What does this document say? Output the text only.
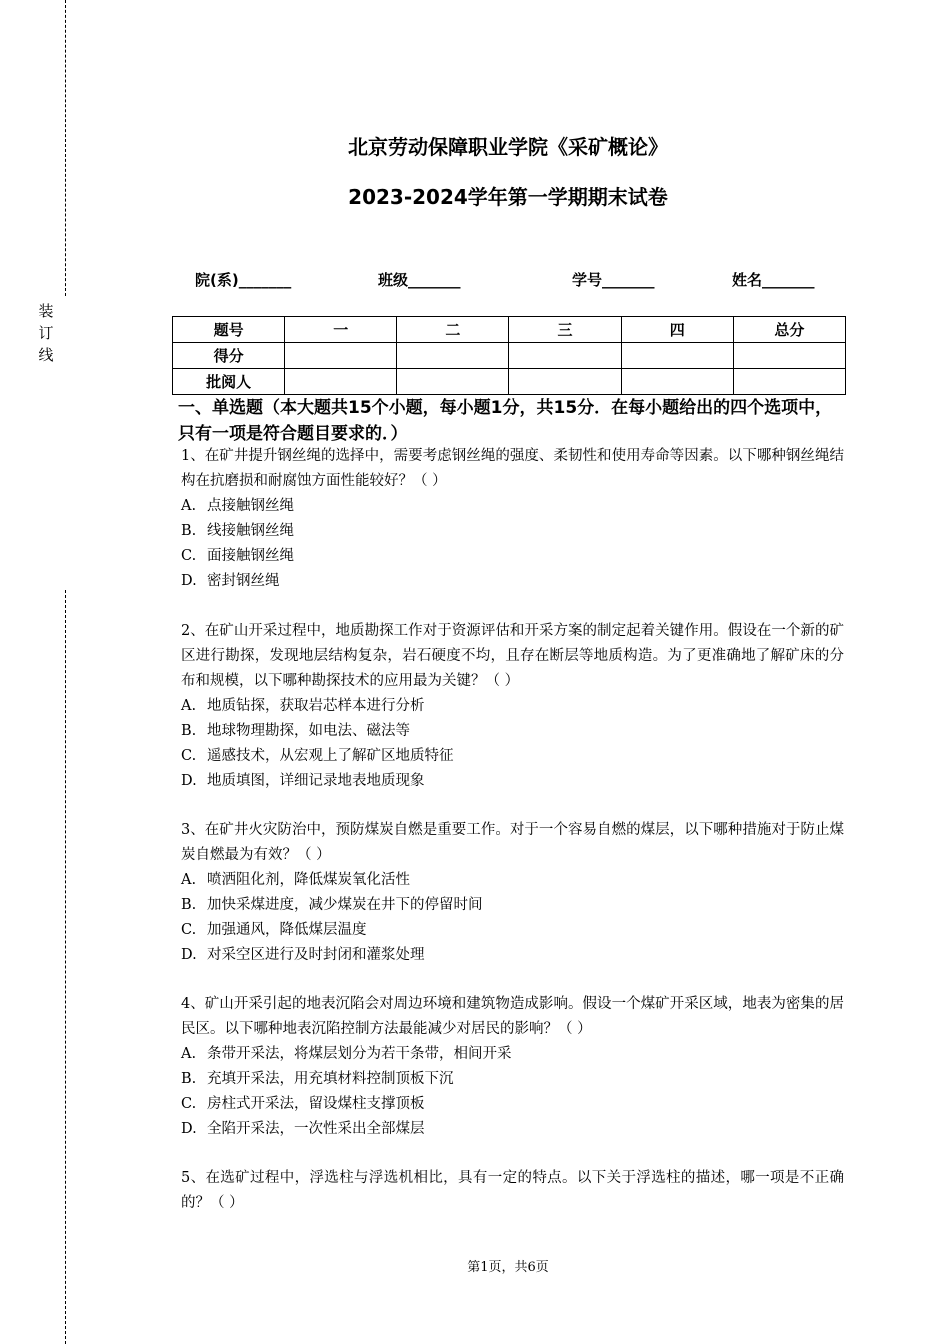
装
订
线
北京劳动保障职业学院《采矿概论》
2023-2024学年第一学期期末试卷
院(系)_______	班级_______	学号_______	姓名_______
题号	一	二	三	四	总分
得分					
批阅人					
一、单选题（本大题共15个小题，每小题1分，共15分．在每小题给出的四个选项中，只有一项是符合题目要求的．）
1、在矿井提升钢丝绳的选择中，需要考虑钢丝绳的强度、柔韧性和使用寿命等因素。以下哪种钢丝绳结构在抗磨损和耐腐蚀方面性能较好？（ ）
A. 点接触钢丝绳
B. 线接触钢丝绳
C. 面接触钢丝绳
D. 密封钢丝绳
2、在矿山开采过程中，地质勘探工作对于资源评估和开采方案的制定起着关键作用。假设在一个新的矿区进行勘探，发现地层结构复杂，岩石硬度不均，且存在断层等地质构造。为了更准确地了解矿床的分布和规模，以下哪种勘探技术的应用最为关键？（ ）
A. 地质钻探，获取岩芯样本进行分析
B. 地球物理勘探，如电法、磁法等
C. 遥感技术，从宏观上了解矿区地质特征
D. 地质填图，详细记录地表地质现象
3、在矿井火灾防治中，预防煤炭自燃是重要工作。对于一个容易自燃的煤层，以下哪种措施对于防止煤炭自燃最为有效？（ ）
A. 喷洒阻化剂，降低煤炭氧化活性
B. 加快采煤进度，减少煤炭在井下的停留时间
C. 加强通风，降低煤层温度
D. 对采空区进行及时封闭和灌浆处理
4、矿山开采引起的地表沉陷会对周边环境和建筑物造成影响。假设一个煤矿开采区域，地表为密集的居民区。以下哪种地表沉陷控制方法最能减少对居民的影响？（ ）
A. 条带开采法，将煤层划分为若干条带，相间开采
B. 充填开采法，用充填材料控制顶板下沉
C. 房柱式开采法，留设煤柱支撑顶板
D. 全陷开采法，一次性采出全部煤层
5、在选矿过程中，浮选柱与浮选机相比，具有一定的特点。以下关于浮选柱的描述，哪一项是不正确的？（ ）
第1页，共6页
